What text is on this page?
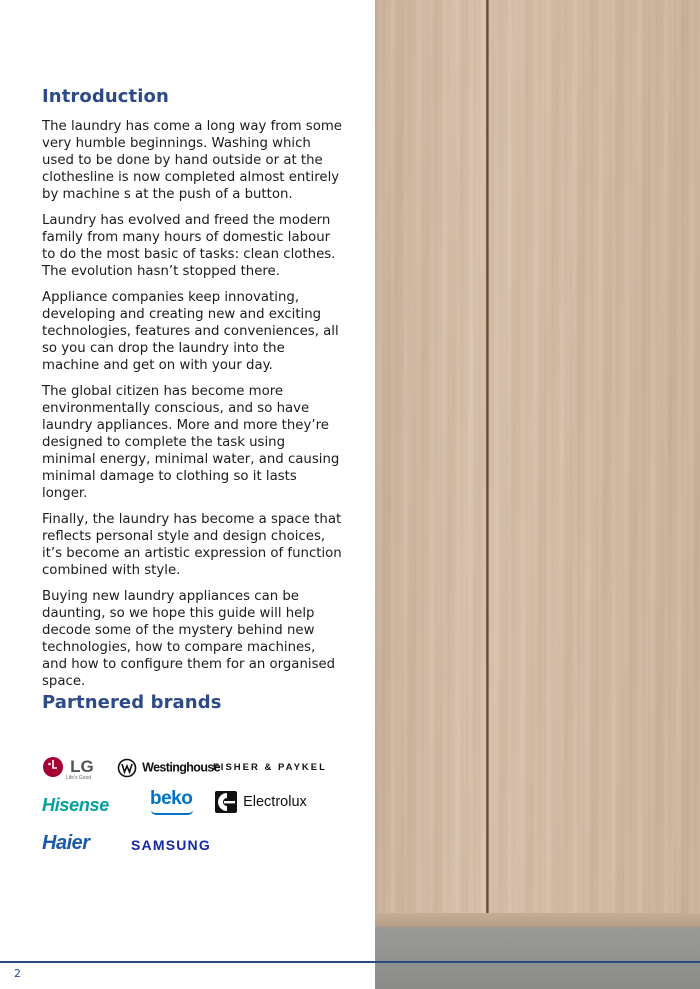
Introduction

The laundry has come a long way from some very humble beginnings. Washing which used to be done by hand outside or at the clothesline is now completed almost entirely by machine s at the push of a button.

Laundry has evolved and freed the modern family from many hours of domestic labour to do the most basic of tasks: clean clothes. The evolution hasn’t stopped there.

Appliance companies keep innovating, developing and creating new and exciting technologies, features and conveniences, all so you can drop the laundry into the machine and get on with your day.

The global citizen has become more environmentally conscious, and so have laundry appliances. More and more they’re designed to complete the task using minimal energy, minimal water, and causing minimal damage to clothing so it lasts longer.

Finally, the laundry has become a space that reflects personal style and design choices, it’s become an artistic expression of function combined with style.

Buying new laundry appliances can be daunting, so we hope this guide will help decode some of the mystery behind new technologies, how to compare machines, and how to configure them for an organised space.

Partnered brands
LG
Life's Good
Westinghouse
FISHER & PAYKEL
Hisense beko	Electrolux
Haier	SAMSUNG
2
